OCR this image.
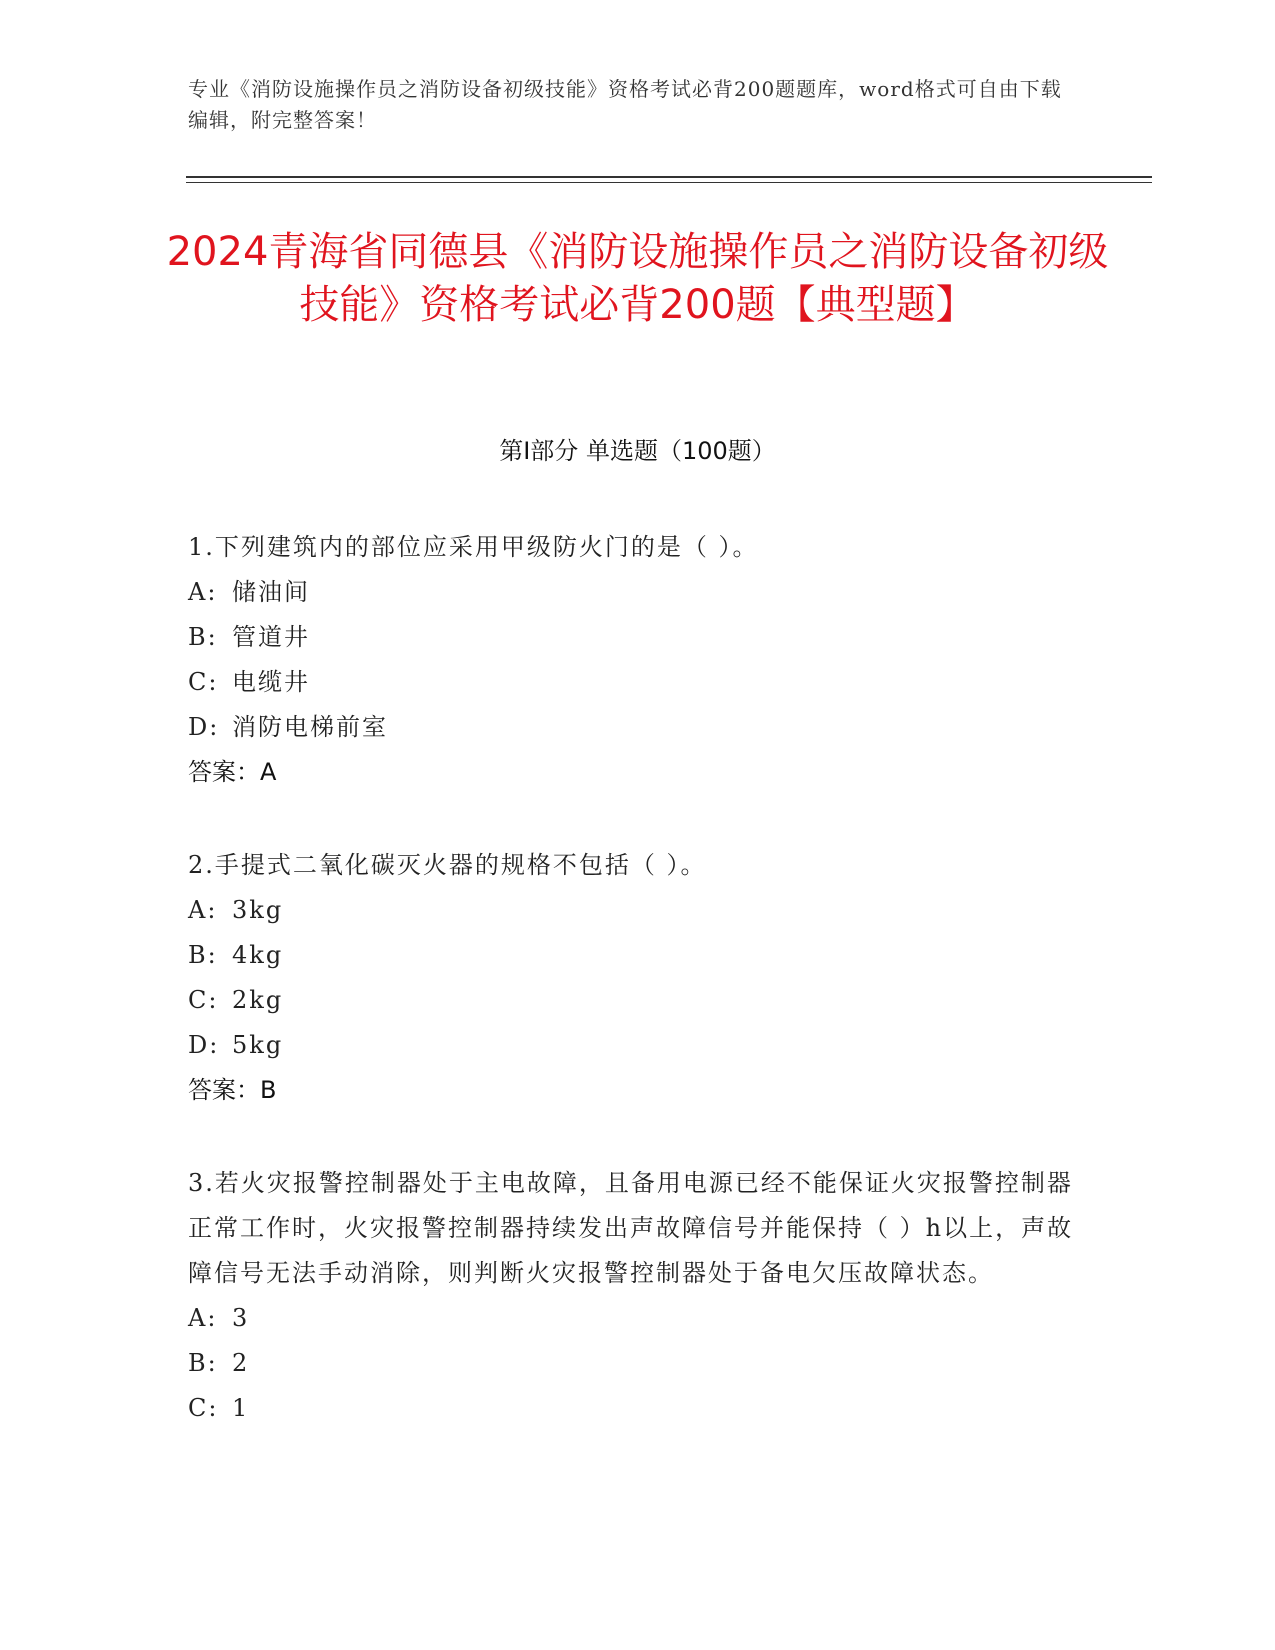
专业《消防设施操作员之消防设备初级技能》资格考试必背200题题库，word格式可自由下载编辑，附完整答案！
2024青海省同德县《消防设施操作员之消防设备初级技能》资格考试必背200题【典型题】
第I部分 单选题（100题）
1.下列建筑内的部位应采用甲级防火门的是（ ）。
A: 储油间
B: 管道井
C: 电缆井
D: 消防电梯前室
答案：A
2.手提式二氧化碳灭火器的规格不包括（ ）。
A: 3kg
B: 4kg
C: 2kg
D: 5kg
答案：B
3.若火灾报警控制器处于主电故障，且备用电源已经不能保证火灾报警控制器正常工作时，火灾报警控制器持续发出声故障信号并能保持（ ）h以上，声故障信号无法手动消除，则判断火灾报警控制器处于备电欠压故障状态。
A: 3
B: 2
C: 1
